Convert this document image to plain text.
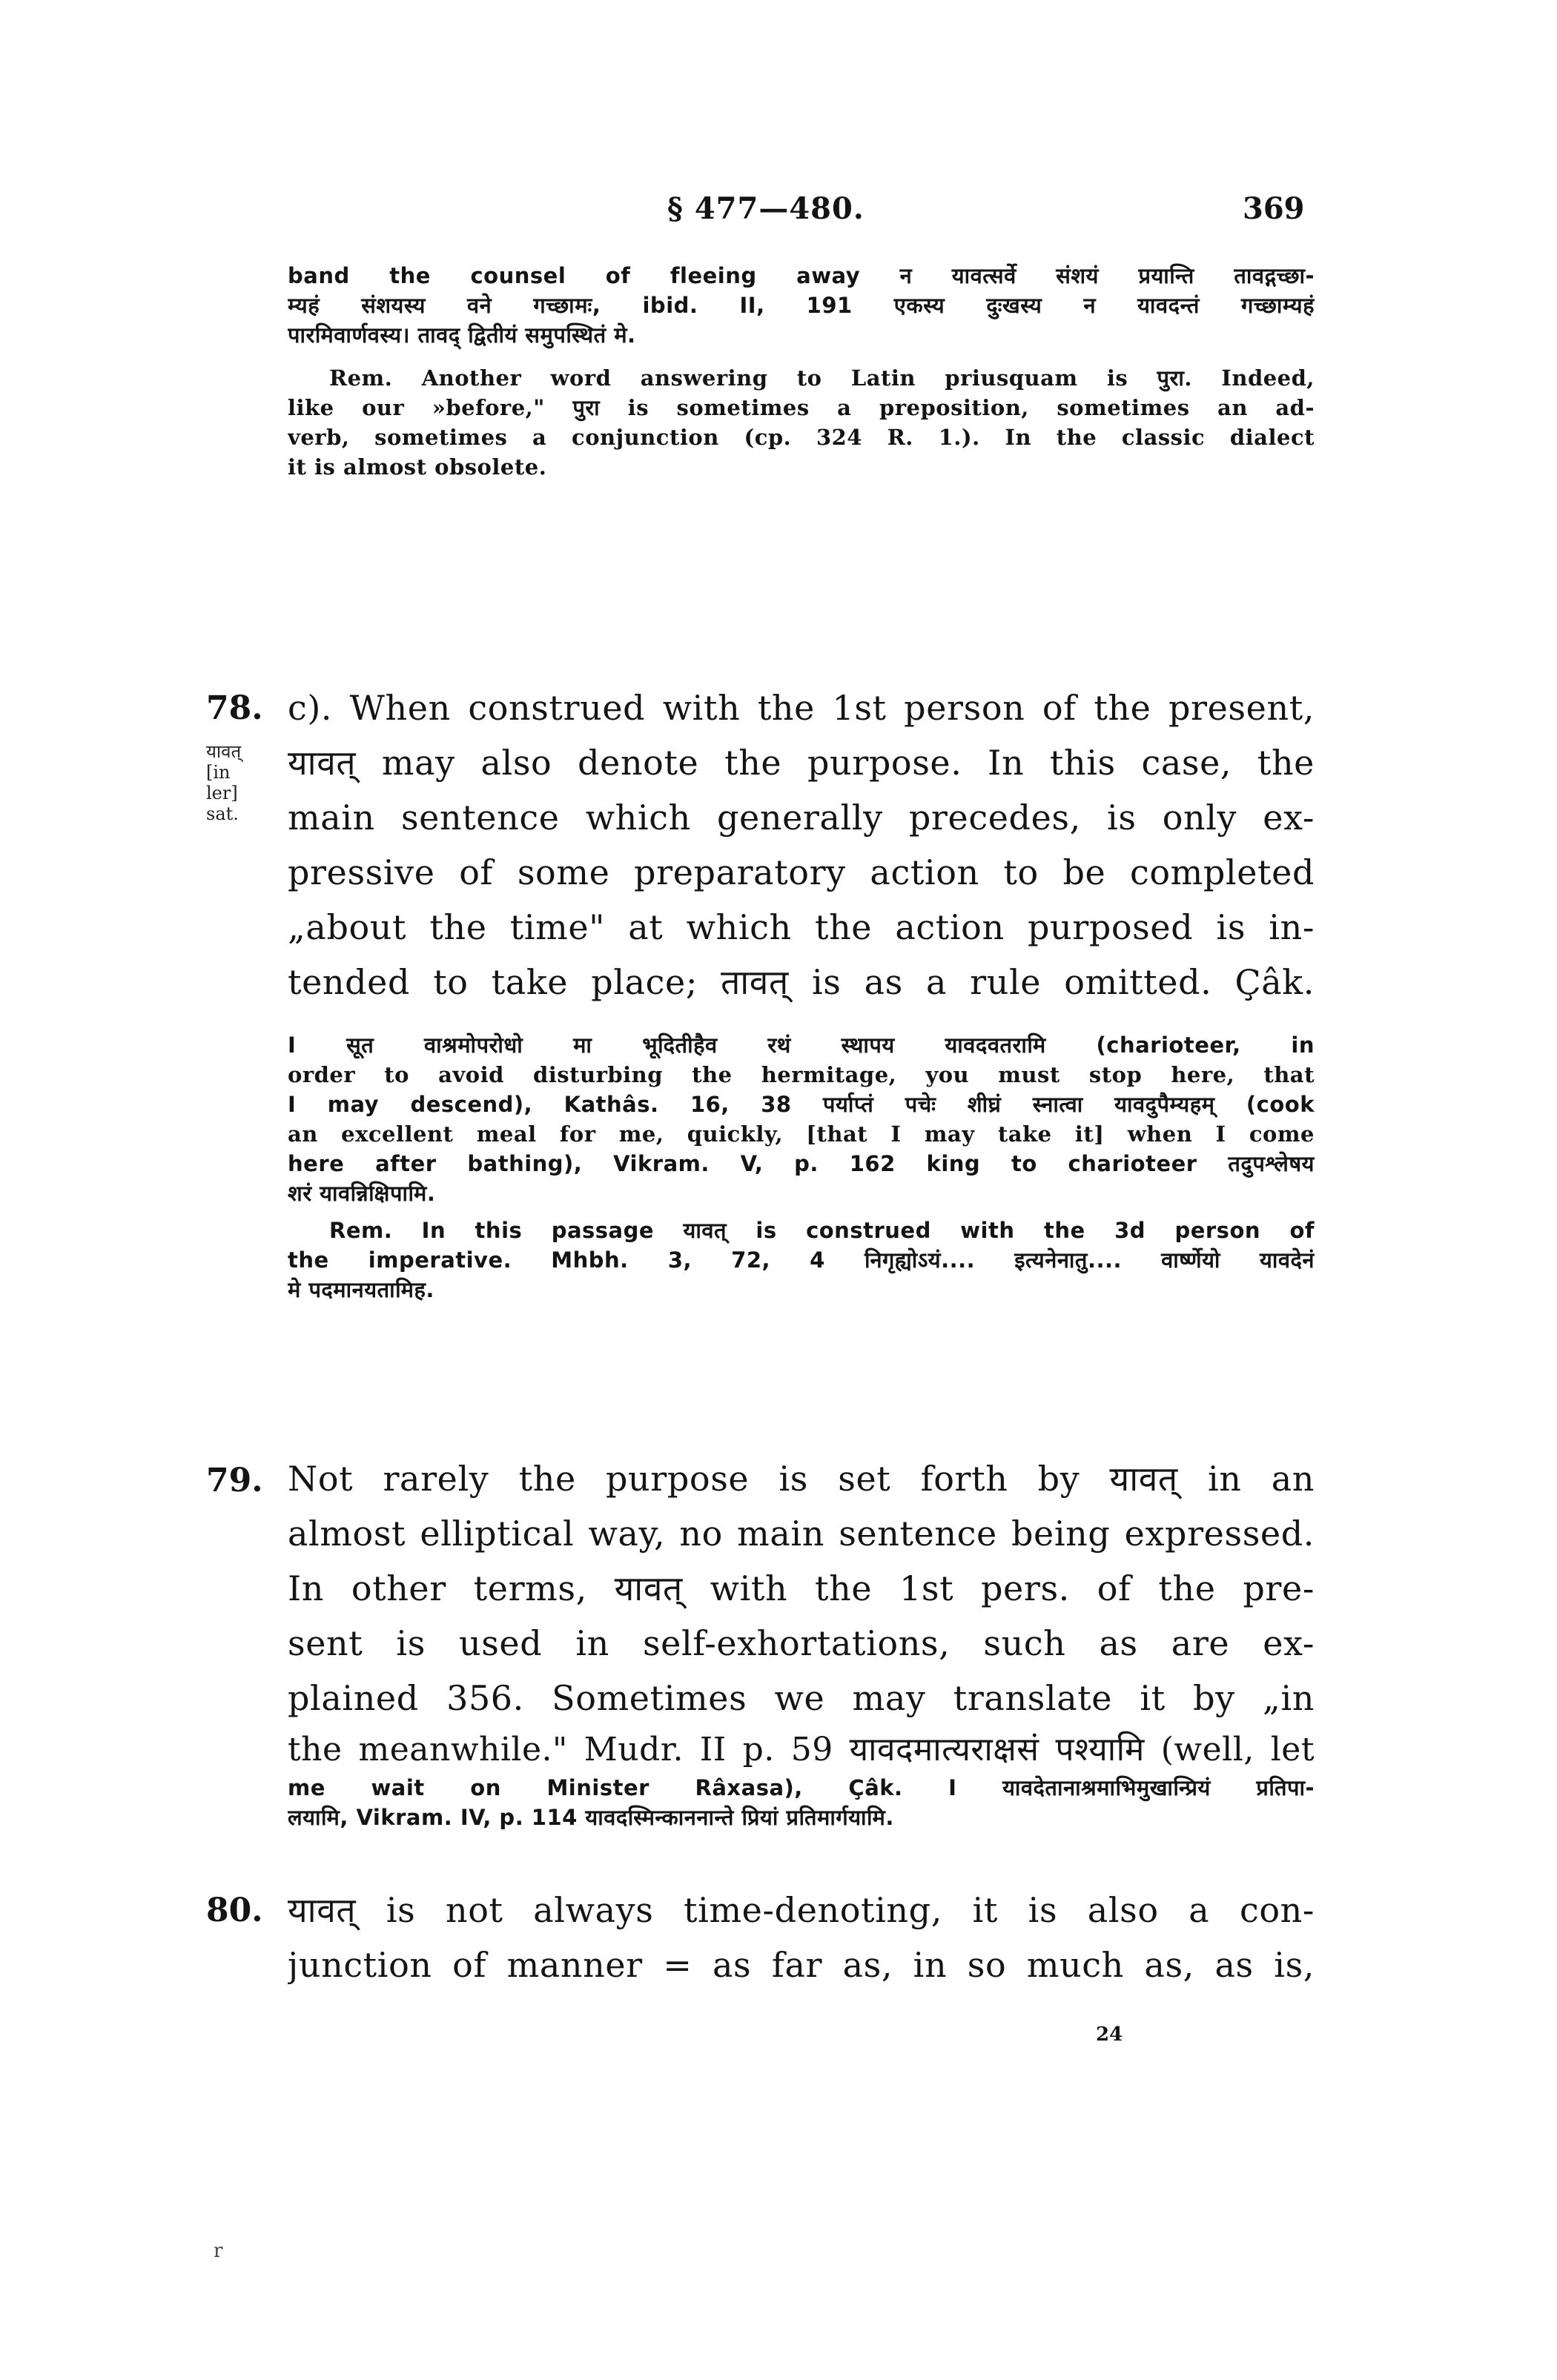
§ 477—480.	369
band the counsel of fleeing away न यावत्सर्वे संशयं प्रयान्ति तावद्गच्छा-
म्यहं संशयस्य वने गच्छामः, ibid. II, 191 एकस्य दुःखस्य न यावदन्तं गच्छाम्यहं
पारमिवार्णवस्य। तावद् द्वितीयं समुपस्थितं मे.
Rem. Another word answering to Latin priusquam is पुरा. Indeed,
like our »before," पुरा is sometimes a preposition, sometimes an ad-
verb, sometimes a conjunction (cp. 324 R. 1.). In the classic dialect
it is almost obsolete.
78.
यावत्
[in
ler]
sat.
c). When construed with the 1st person of the present,
यावत् may also denote the purpose. In this case, the
main sentence which generally precedes, is only ex-
pressive of some preparatory action to be completed
„about the time" at which the action purposed is in-
tended to take place; तावत् is as a rule omitted. Çâk.
I सूत वाश्रमोपरोधो मा भूदितीहैव रथं स्थापय यावदवतरामि (charioteer, in
order to avoid disturbing the hermitage, you must stop here, that
I may descend), Kathâs. 16, 38 पर्याप्तं पचेः शीघ्रं स्नात्वा यावदुपैम्यहम् (cook
an excellent meal for me, quickly, [that I may take it] when I come
here after bathing), Vikram. V, p. 162 king to charioteer तदुपश्लेषय
शरं यावन्निक्षिपामि.
Rem. In this passage यावत् is construed with the 3d person of
the imperative. Mhbh. 3, 72, 4 निगृह्योऽयं.... इत्यनेनातु.... वार्ष्णेयो यावदेनं
मे पदमानयतामिह.
79. Not rarely the purpose is set forth by यावत् in an
almost elliptical way, no main sentence being expressed.
In other terms, यावत् with the 1st pers. of the pre-
sent is used in self-exhortations, such as are ex-
plained 356. Sometimes we may translate it by „in
the meanwhile." Mudr. II p. 59 यावदमात्यराक्षसं पश्यामि (well, let
me wait on Minister Râxasa), Çâk. I यावदेतानाश्रमाभिमुखान्प्रियं प्रतिपा-
लयामि, Vikram. IV, p. 114 यावदस्मिन्काननान्ते प्रियां प्रतिमार्गयामि.
80. यावत् is not always time-denoting, it is also a con-
junction of manner = as far as, in so much as, as is,
24
r
